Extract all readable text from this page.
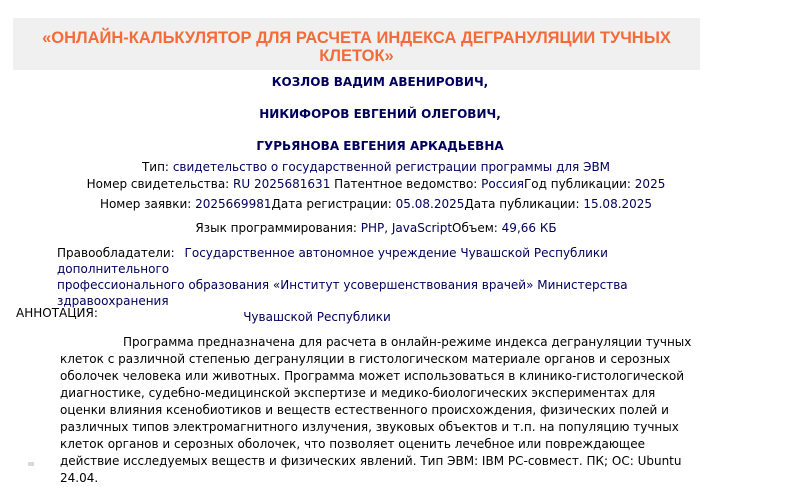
«ОНЛАЙН-КАЛЬКУЛЯТОР ДЛЯ РАСЧЕТА ИНДЕКСА ДЕГРАНУЛЯЦИИ ТУЧНЫХ КЛЕТОК»
КОЗЛОВ ВАДИМ АВЕНИРОВИЧ,
НИКИФОРОВ ЕВГЕНИЙ ОЛЕГОВИЧ,
ГУРЬЯНОВА ЕВГЕНИЯ АРКАДЬЕВНА
Тип: свидетельство о государственной регистрации программы для ЭВМ
Номер свидетельства: RU 2025681631 Патентное ведомство: РоссияГод публикации: 2025
Номер заявки: 2025669981Дата регистрации: 05.08.2025Дата публикации: 15.08.2025
Язык программирования: PHP, JavaScriptОбъем: 49,66 КБ
Правообладатели: Государственное автономное учреждение Чувашской Республики дополнительного
профессионального образования «Институт усовершенствования врачей» Министерства здравоохранения

Чувашской Республики
АННОТАЦИЯ:

Программа предназначена для расчета в онлайн-режиме индекса дегрануляции тучных клеток с различной степенью дегрануляции в гистологическом материале органов и серозных оболочек человека или животных. Программа может использоваться в клинико-гистологической диагностике, судебно-медицинской экспертизе и медико-биологических экспериментах для оценки влияния ксенобиотиков и веществ естественного происхождения, физических полей и различных типов электромагнитного излучения, звуковых объектов и т.п. на популяцию тучных клеток органов и серозных оболочек, что позволяет оценить лечебное или повреждающее действие исследуемых веществ и физических явлений. Тип ЭВМ: IBM PC-совмест. ПК; ОС: Ubuntu 24.04.
